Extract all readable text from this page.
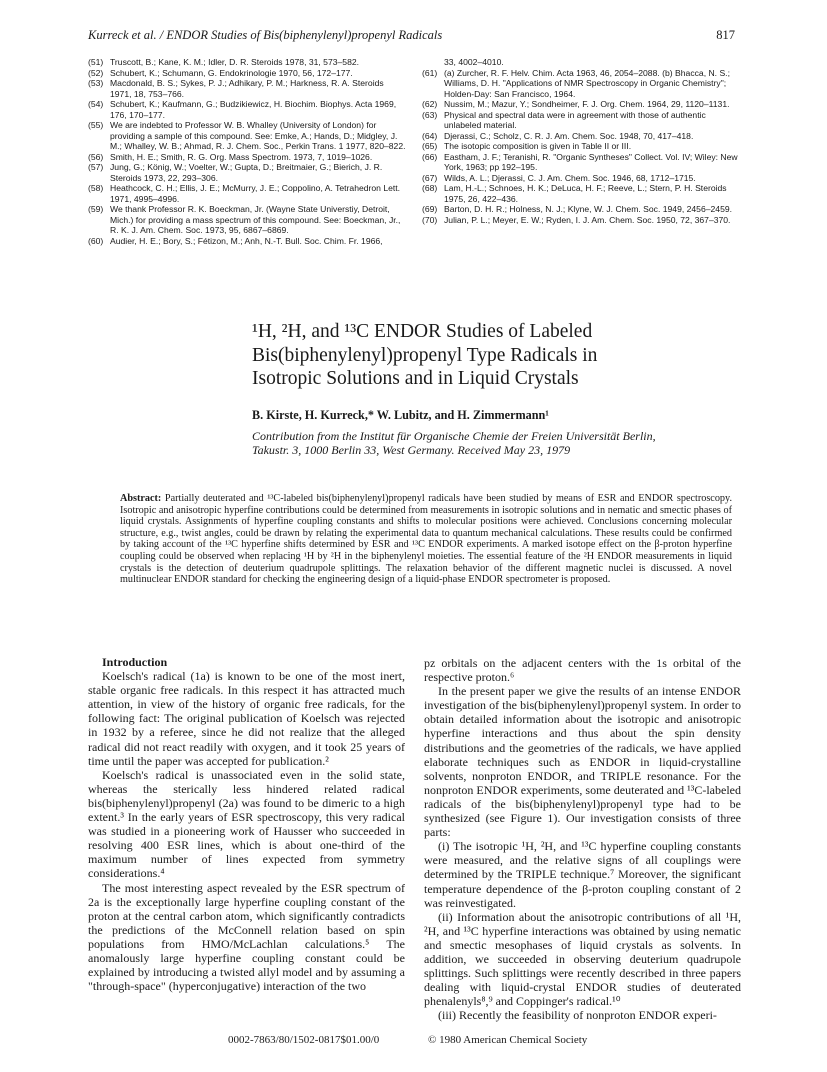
Kurreck et al. / ENDOR Studies of Bis(biphenylenyl)propenyl Radicals	817
(51) Truscott, B.; Kane, K. M.; Idler, D. R. Steroids 1978, 31, 573–582.
(52) Schubert, K.; Schumann, G. Endokrinologie 1970, 56, 172–177.
(53) Macdonald, B. S.; Sykes, P. J.; Adhikary, P. M.; Harkness, R. A. Steroids 1971, 18, 753–766.
(54) Schubert, K.; Kaufmann, G.; Budzikiewicz, H. Biochim. Biophys. Acta 1969, 176, 170–177.
(55) We are indebted to Professor W. B. Whalley (University of London) for providing a sample of this compound. See: Emke, A.; Hands, D.; Midgley, J. M.; Whalley, W. B.; Ahmad, R. J. Chem. Soc., Perkin Trans. 1 1977, 820–822.
(56) Smith, H. E.; Smith, R. G. Org. Mass Spectrom. 1973, 7, 1019–1026.
(57) Jung, G.; König, W.; Voelter, W.; Gupta, D.; Breitmaier, G.; Bierich, J. R. Steroids 1973, 22, 293–306.
(58) Heathcock, C. H.; Ellis, J. E.; McMurry, J. E.; Coppolino, A. Tetrahedron Lett. 1971, 4995–4996.
(59) We thank Professor R. K. Boeckman, Jr. (Wayne State Universtiy, Detroit, Mich.) for providing a mass spectrum of this compound. See: Boeckman, Jr., R. K. J. Am. Chem. Soc. 1973, 95, 6867–6869.
(60) Audier, H. E.; Bory, S.; Fétizon, M.; Anh, N.-T. Bull. Soc. Chim. Fr. 1966,
33, 4002–4010.
(61) (a) Zurcher, R. F. Helv. Chim. Acta 1963, 46, 2054–2088. (b) Bhacca, N. S.; Williams, D. H. "Applications of NMR Spectroscopy in Organic Chemistry"; Holden-Day: San Francisco, 1964.
(62) Nussim, M.; Mazur, Y.; Sondheimer, F. J. Org. Chem. 1964, 29, 1120–1131.
(63) Physical and spectral data were in agreement with those of authentic unlabeled material.
(64) Djerassi, C.; Scholz, C. R. J. Am. Chem. Soc. 1948, 70, 417–418.
(65) The isotopic composition is given in Table II or III.
(66) Eastham, J. F.; Teranishi, R. "Organic Syntheses" Collect. Vol. IV; Wiley: New York, 1963; pp 192–195.
(67) Wilds, A. L.; Djerassi, C. J. Am. Chem. Soc. 1946, 68, 1712–1715.
(68) Lam, H.-L.; Schnoes, H. K.; DeLuca, H. F.; Reeve, L.; Stern, P. H. Steroids 1975, 26, 422–436.
(69) Barton, D. H. R.; Holness, N. J.; Klyne, W. J. Chem. Soc. 1949, 2456–2459.
(70) Julian, P. L.; Meyer, E. W.; Ryden, I. J. Am. Chem. Soc. 1950, 72, 367–370.
¹H, ²H, and ¹³C ENDOR Studies of Labeled
Bis(biphenylenyl)propenyl Type Radicals in
Isotropic Solutions and in Liquid Crystals
B. Kirste, H. Kurreck,* W. Lubitz, and H. Zimmermann¹
Contribution from the Institut für Organische Chemie der Freien Universität Berlin,
Takustr. 3, 1000 Berlin 33, West Germany. Received May 23, 1979
Abstract: Partially deuterated and ¹³C-labeled bis(biphenylenyl)propenyl radicals have been studied by means of ESR and ENDOR spectroscopy. Isotropic and anisotropic hyperfine contributions could be determined from measurements in isotropic solutions and in nematic and smectic phases of liquid crystals. Assignments of hyperfine coupling constants and shifts to molecular positions were achieved. Conclusions concerning molecular structure, e.g., twist angles, could be drawn by relating the experimental data to quantum mechanical calculations. These results could be confirmed by taking account of the ¹³C hyperfine shifts determined by ESR and ¹³C ENDOR experiments. A marked isotope effect on the β-proton hyperfine coupling could be observed when replacing ¹H by ²H in the biphenylenyl moieties. The essential feature of the ²H ENDOR measurements in liquid crystals is the detection of deuterium quadrupole splittings. The relaxation behavior of the different magnetic nuclei is discussed. A novel multinuclear ENDOR standard for checking the engineering design of a liquid-phase ENDOR spectrometer is proposed.

Introduction

Koelsch's radical (1a) is known to be one of the most inert, stable organic free radicals. In this respect it has attracted much attention, in view of the history of organic free radicals, for the following fact: The original publication of Koelsch was rejected in 1932 by a referee, since he did not realize that the alleged radical did not react readily with oxygen, and it took 25 years of time until the paper was accepted for publication.²

Koelsch's radical is unassociated even in the solid state, whereas the sterically less hindered related radical bis(biphenylenyl)propenyl (2a) was found to be dimeric to a high extent.³ In the early years of ESR spectroscopy, this very radical was studied in a pioneering work of Hausser who succeeded in resolving 400 ESR lines, which is about one-third of the maximum number of lines expected from symmetry considerations.⁴

The most interesting aspect revealed by the ESR spectrum of 2a is the exceptionally large hyperfine coupling constant of the proton at the central carbon atom, which significantly contradicts the predictions of the McConnell relation based on spin populations from HMO/McLachlan calculations.⁵ The anomalously large hyperfine coupling constant could be explained by introducing a twisted allyl model and by assuming a "through-space" (hyperconjugative) interaction of the two

pz orbitals on the adjacent centers with the 1s orbital of the respective proton.⁶

In the present paper we give the results of an intense ENDOR investigation of the bis(biphenylenyl)propenyl system. In order to obtain detailed information about the isotropic and anisotropic hyperfine interactions and thus about the spin density distributions and the geometries of the radicals, we have applied elaborate techniques such as ENDOR in liquid-crystalline solvents, nonproton ENDOR, and TRIPLE resonance. For the nonproton ENDOR experiments, some deuterated and ¹³C-labeled radicals of the bis(biphenylenyl)propenyl type had to be synthesized (see Figure 1). Our investigation consists of three parts:

(i) The isotropic ¹H, ²H, and ¹³C hyperfine coupling constants were measured, and the relative signs of all couplings were determined by the TRIPLE technique.⁷ Moreover, the significant temperature dependence of the β-proton coupling constant of 2 was reinvestigated.

(ii) Information about the anisotropic contributions of all ¹H, ²H, and ¹³C hyperfine interactions was obtained by using nematic and smectic mesophases of liquid crystals as solvents. In addition, we succeeded in observing deuterium quadrupole splittings. Such splittings were recently described in three papers dealing with liquid-crystal ENDOR studies of deuterated phenalenyls⁸,⁹ and Coppinger's radical.¹⁰

(iii) Recently the feasibility of nonproton ENDOR experi-

0002-7863/80/1502-0817$01.00/0	© 1980 American Chemical Society
